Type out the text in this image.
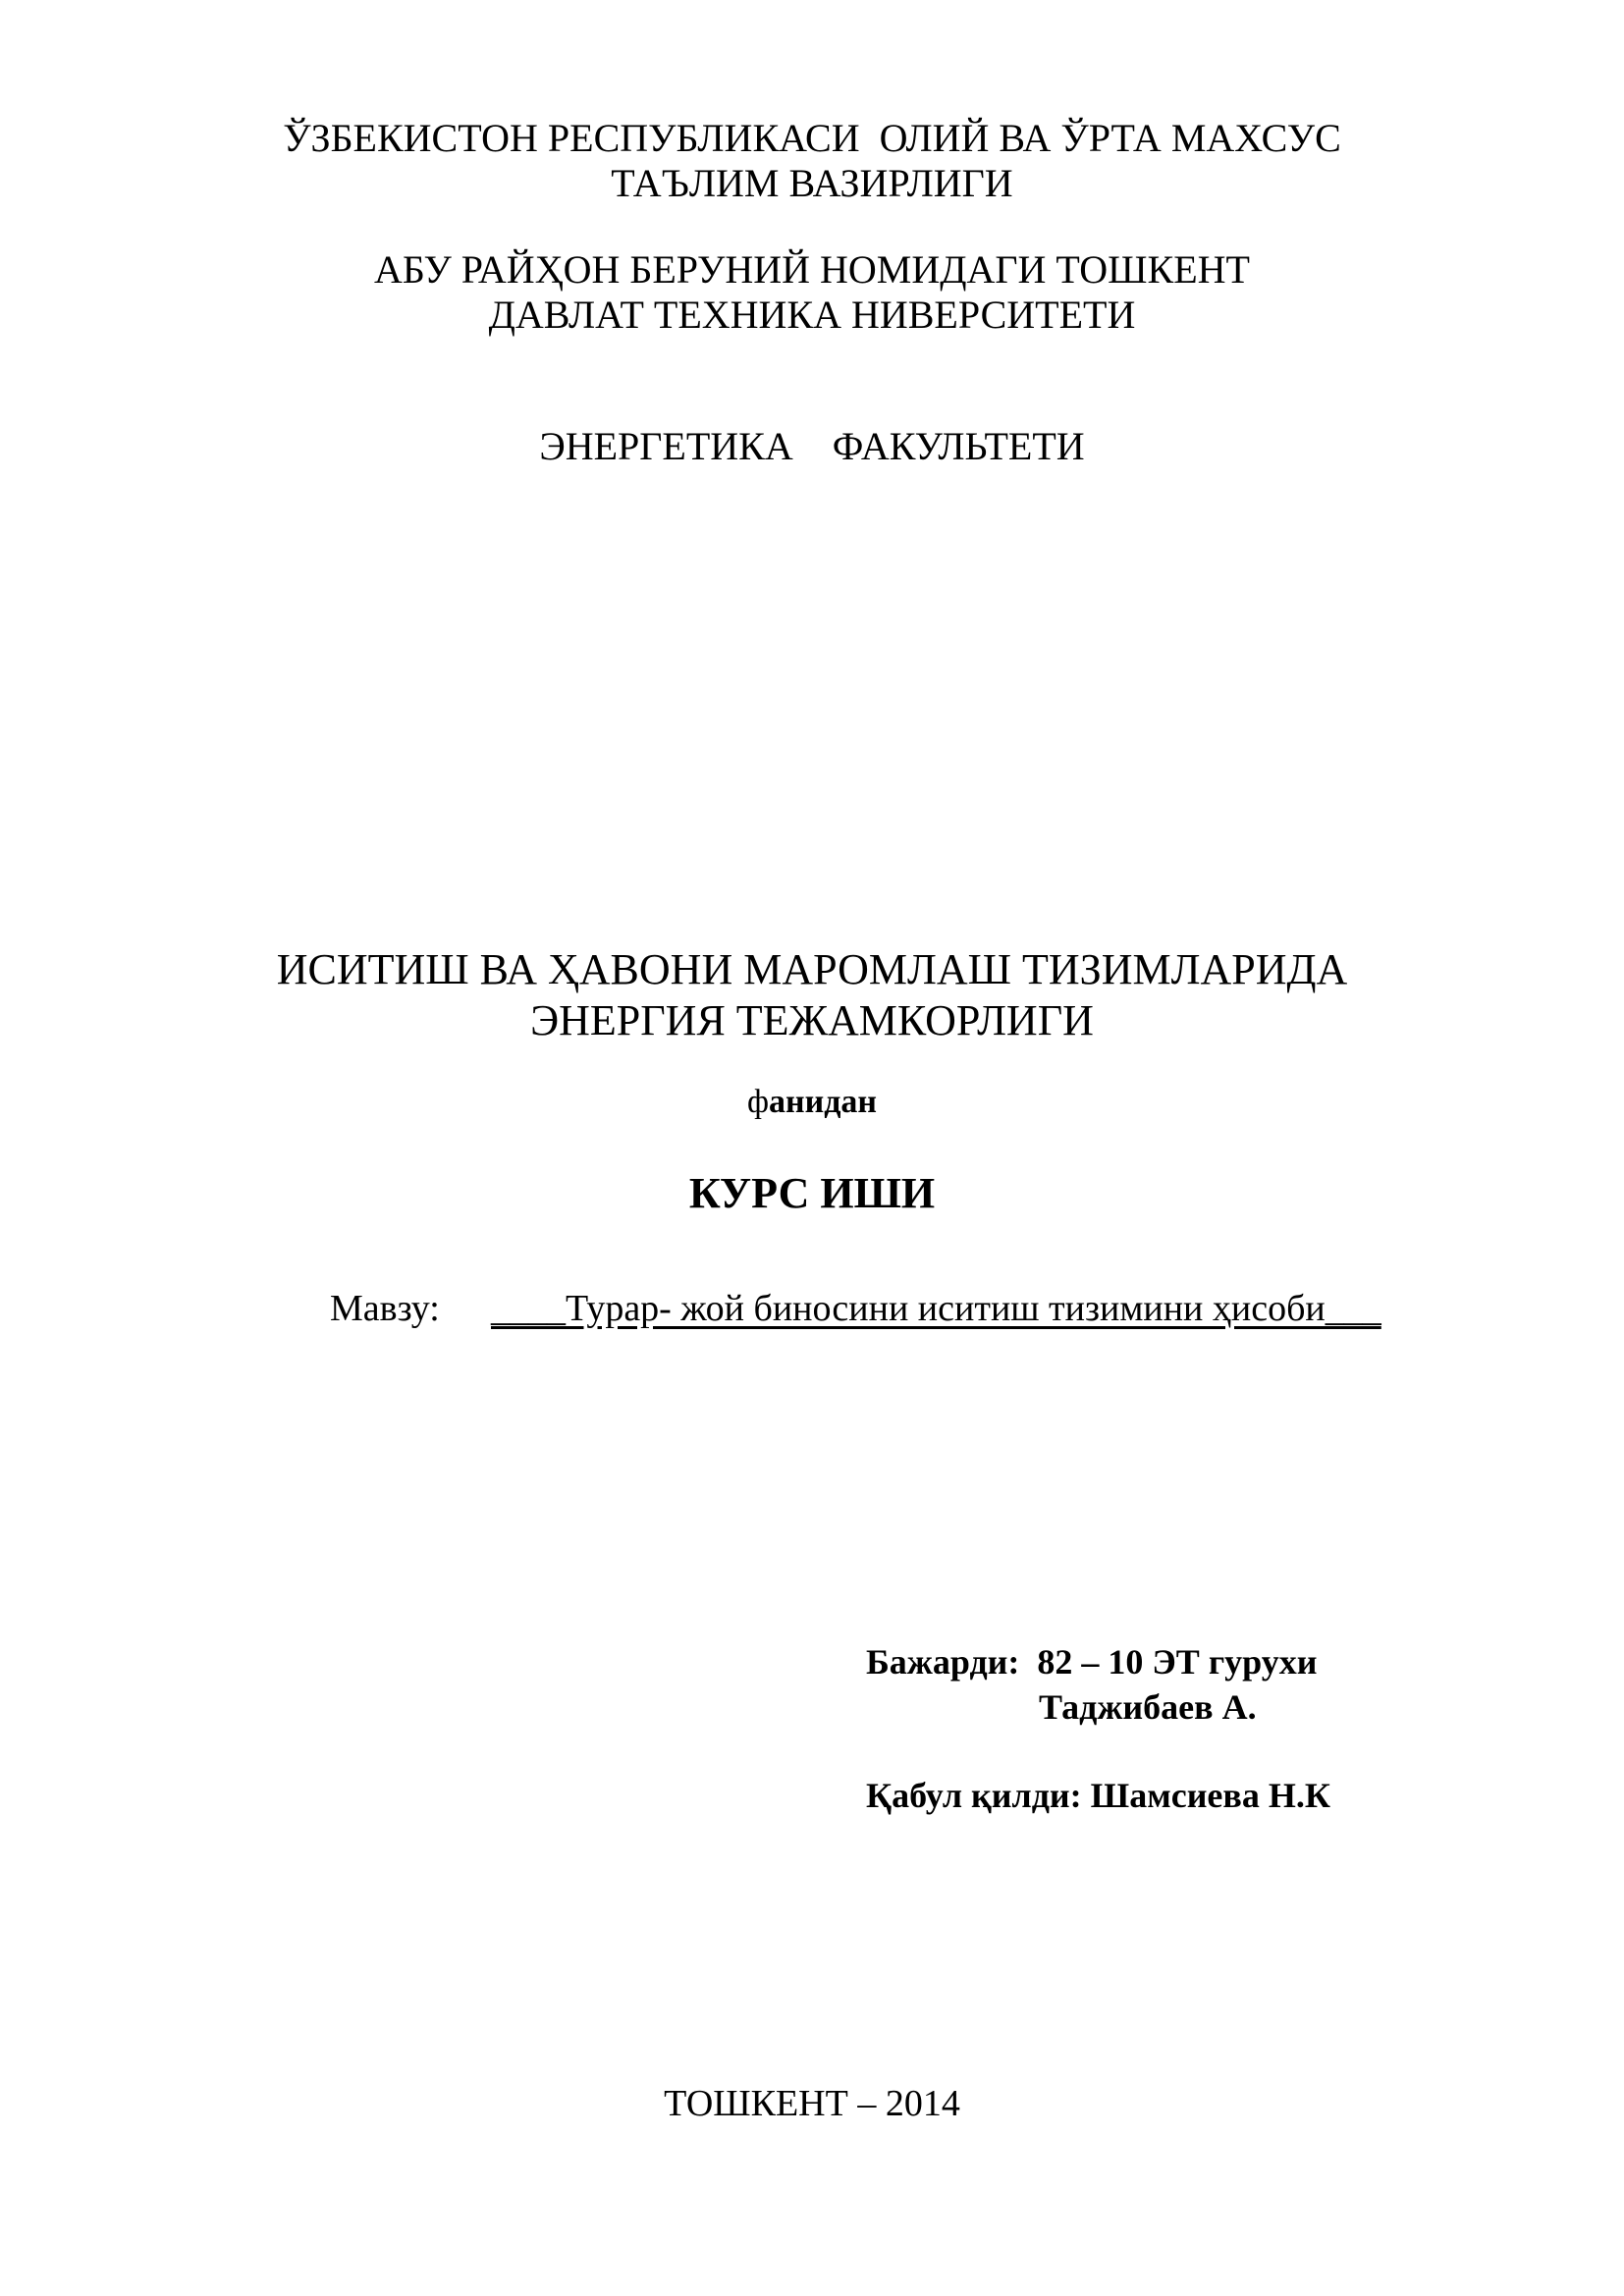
ЎЗБЕКИСТОН РЕСПУБЛИКАСИ  ОЛИЙ ВА ЎРТА МАХСУС
ТАЪЛИМ ВАЗИРЛИГИ
АБУ РАЙҲОН БЕРУНИЙ НОМИДАГИ ТОШКЕНТ
ДАВЛАТ ТЕХНИКА НИВЕРСИТЕТИ
ЭНЕРГЕТИКА    ФАКУЛЬТЕТИ
ИСИТИШ ВА ҲАВОНИ МАРОМЛАШ ТИЗИМЛАРИДА
ЭНЕРГИЯ ТЕЖАМКОРЛИГИ
фанидан
КУРС ИШИ
Мавзу: ____Турар- жой биносини иситиш тизимини ҳисоби___
Бажарди:  82 – 10 ЭТ гурухи
Таджибаев А.
Қабул қилди: Шамсиева Н.К
ТОШКЕНТ – 2014
